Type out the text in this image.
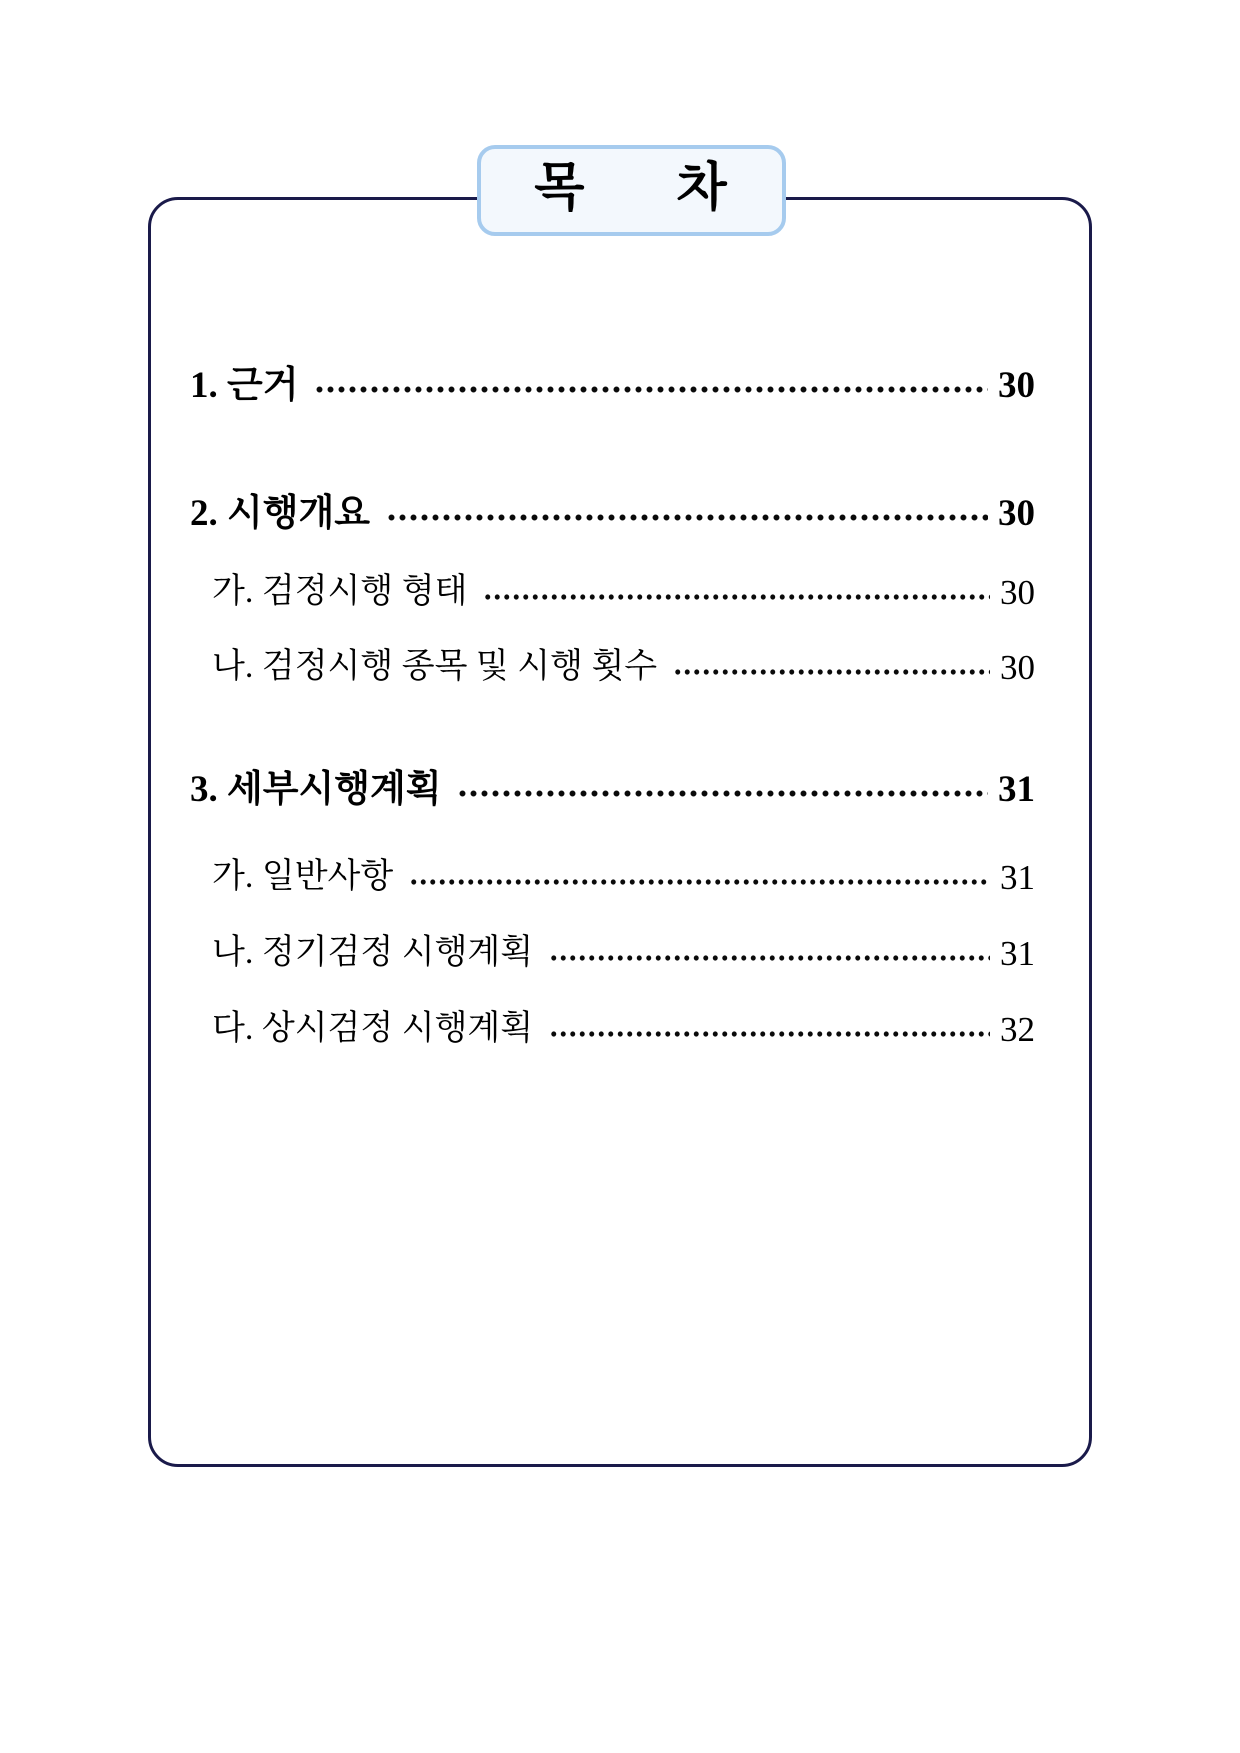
목      차
1. 근거	30
2. 시행개요	30
가. 검정시행 형태	30
나. 검정시행 종목 및 시행 횟수	30
3. 세부시행계획	31
가. 일반사항	31
나. 정기검정 시행계획	31
다. 상시검정 시행계획	32
